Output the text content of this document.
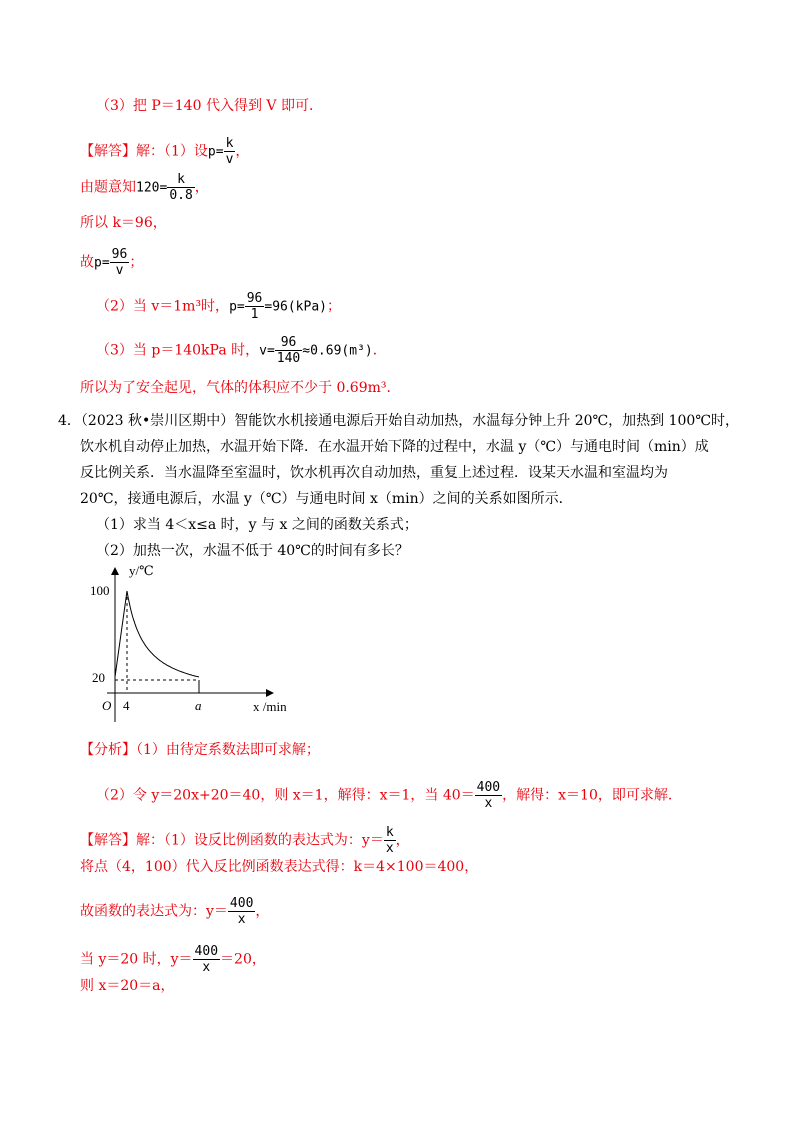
（3）把 P＝140 代入得到 V 即可．
【解答】解：（1）设$p= \frac{k}{v}$ ，
由题意知$120= \frac{k}{0.8}$ ，
所以 k＝96，
故$p= \frac{96}{v}$ ；
（2）当 v＝1m³时，$p= \frac{96}{1} =96(kPa)$；
（3）当 p＝140kPa 时，$v= \frac{96}{140} \approx 0.69(m^3)$．
所以为了安全起见，气体的体积应不少于 0.69m³．
4．（2023 秋•崇川区期中）智能饮水机接通电源后开始自动加热，水温每分钟上升 20℃，加热到 100℃时，
饮水机自动停止加热，水温开始下降．在水温开始下降的过程中，水温 y（℃）与通电时间（min）成
反比例关系．当水温降至室温时，饮水机再次自动加热，重复上述过程．设某天水温和室温均为
20℃，接通电源后，水温 y（℃）与通电时间 x（min）之间的关系如图所示．
（1）求当 4＜x≤a 时，y 与 x 之间的函数关系式；
（2）加热一次，水温不低于 40℃的时间有多长？
y/℃
x /min
O
100
20
4	a
【分析】（1）由待定系数法即可求解；
（2）令 y＝20x+20＝40，则 x＝1，解得：x＝1，当 $40= \frac{400}{x}$ ，解得：x＝10，即可求解．
【解答】解：（1）设反比例函数的表达式为：$y= \frac{k}{x}$ ，
将点（4，100）代入反比例函数表达式得：k＝4×100＝400，
故函数的表达式为：$y= \frac{400}{x}$ ，
当 y＝20 时，$y= \frac{400}{x} =20$，
则 x＝20＝a，
